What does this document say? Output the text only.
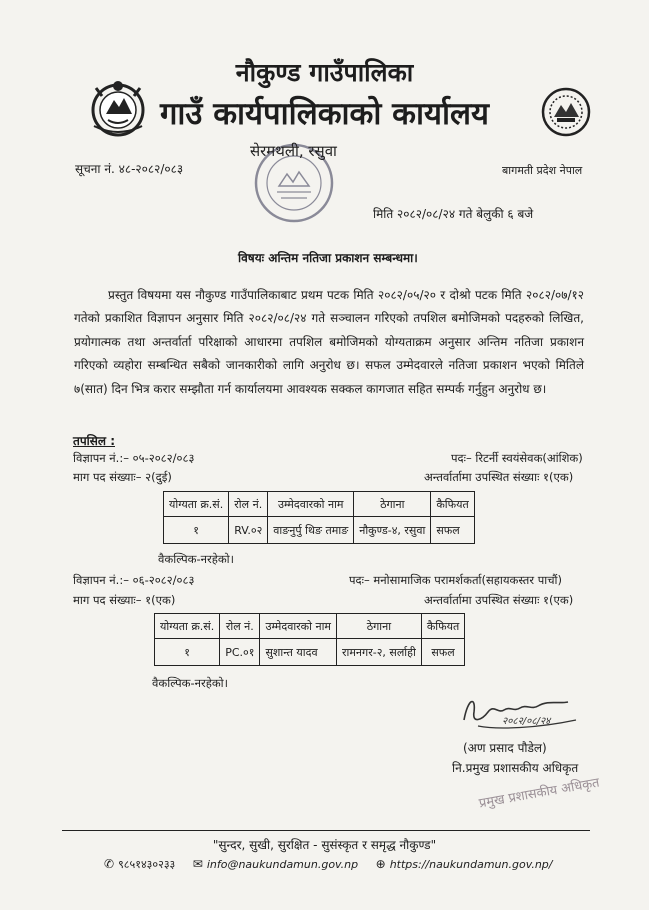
नौकुण्ड गाउँपालिका
गाउँ कार्यपालिकाको कार्यालय
सेरमथली, रसुवा
सूचना नं. ४८-२०८२/०८३	बागमती प्रदेश नेपाल
मिति २०८२/०८/२४ गते बेलुकी ६ बजे
विषयः अन्तिम नतिजा प्रकाशन सम्बन्धमा।
प्रस्तुत विषयमा यस नौकुण्ड गाउँपालिकाबाट प्रथम पटक मिति २०८२/०५/२० र दोश्रो पटक मिति २०८२/०७/१२ गतेको प्रकाशित विज्ञापन अनुसार मिति २०८२/०८/२४ गते सञ्चालन गरिएको तपशिल बमोजिमको पदहरुको लिखित, प्रयोगात्मक तथा अन्तर्वार्ता परिक्षाको आधारमा तपशिल बमोजिमको योग्यताक्रम अनुसार अन्तिम नतिजा प्रकाशन गरिएको व्यहोरा सम्बन्धित सबैको जानकारीको लागि अनुरोध छ। सफल उम्मेदवारले नतिजा प्रकाशन भएको मितिले ७(सात) दिन भित्र करार सम्झौता गर्न कार्यालयमा आवश्यक सक्कल कागजात सहित सम्पर्क गर्नुहुन अनुरोध छ।
तपसिल :
विज्ञापन नं.:– ०५-२०८२/०८३	पदः– रिटर्नी स्वयंसेवक(आंशिक)
माग पद संख्याः– २(दुई)	अन्तर्वार्तामा उपस्थित संख्याः १(एक)
योग्यता क्र.सं.	रोल नं.	उम्मेदवारको नाम	ठेगाना	कैफियत
१	RV.०२	वाङनुर्पु थिङ तमाङ	नौकुण्ड-४, रसुवा	सफल
वैकल्पिक-नरहेको।
विज्ञापन नं.:– ०६-२०८२/०८३	पदः– मनोसामाजिक परामर्शकर्ता(सहायकस्तर पाचौं)
माग पद संख्याः– १(एक)	अन्तर्वार्तामा उपस्थित संख्याः १(एक)
योग्यता क्र.सं.	रोल नं.	उम्मेदवारको नाम	ठेगाना	कैफियत
१	PC.०१	सुशान्त यादव	रामनगर-२, सर्लाही	सफल
वैकल्पिक-नरहेको।
२०८२/०८/२४
(अण प्रसाद पौडेल)
नि.प्रमुख प्रशासकीय अधिकृत
प्रमुख प्रशासकीय अधिकृत
"सुन्दर, सुखी, सुरक्षित - सुसंस्कृत र समृद्ध नौकुण्ड"
✆ ९८५१४३०२३३ ✉ info@naukundamun.gov.np ⊕ https://naukundamun.gov.np/
